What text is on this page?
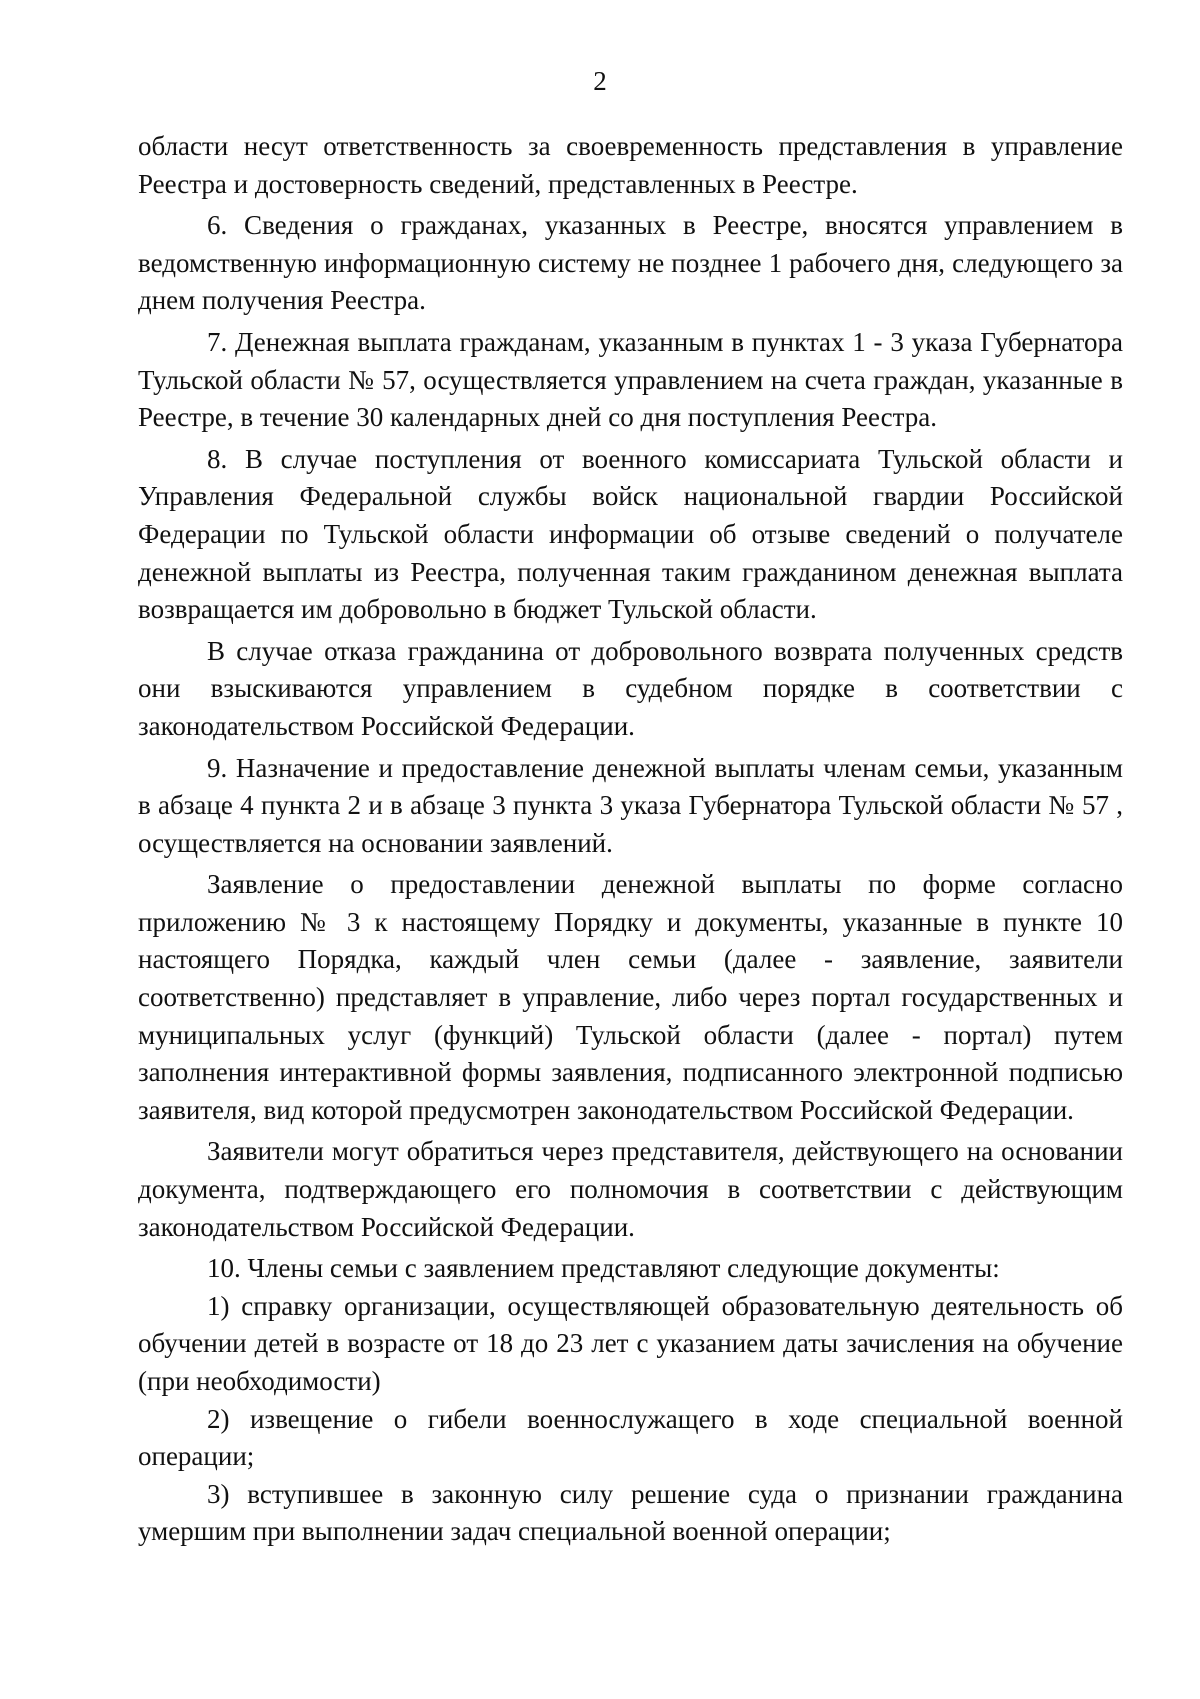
2

области несут ответственность за своевременность представления в управление Реестра и достоверность сведений, представленных в Реестре.

6. Сведения о гражданах, указанных в Реестре, вносятся управлением в ведомственную информационную систему не позднее 1 рабочего дня, следующего за днем получения Реестра.

7. Денежная выплата гражданам, указанным в пунктах 1 - 3 указа Губернатора Тульской области № 57, осуществляется управлением на счета граждан, указанные в Реестре, в течение 30 календарных дней со дня поступления Реестра.

8. В случае поступления от военного комиссариата Тульской области и Управления Федеральной службы войск национальной гвардии Российской Федерации по Тульской области информации об отзыве сведений о получателе денежной выплаты из Реестра, полученная таким гражданином денежная выплата возвращается им добровольно в бюджет Тульской области.

В случае отказа гражданина от добровольного возврата полученных средств они взыскиваются управлением в судебном порядке в соответствии с законодательством Российской Федерации.

9. Назначение и предоставление денежной выплаты членам семьи, указанным в абзаце 4 пункта 2 и в абзаце 3 пункта 3 указа Губернатора Тульской области № 57 , осуществляется на основании заявлений.

Заявление о предоставлении денежной выплаты по форме согласно приложению № 3 к настоящему Порядку и документы, указанные в пункте 10 настоящего Порядка, каждый член семьи (далее - заявление, заявители соответственно) представляет в управление, либо через портал государственных и муниципальных услуг (функций) Тульской области (далее - портал) путем заполнения интерактивной формы заявления, подписанного электронной подписью заявителя, вид которой предусмотрен законодательством Российской Федерации.

Заявители могут обратиться через представителя, действующего на основании документа, подтверждающего его полномочия в соответствии с действующим законодательством Российской Федерации.

10. Члены семьи с заявлением представляют следующие документы:

1) справку организации, осуществляющей образовательную деятельность об обучении детей в возрасте от 18 до 23 лет с указанием даты зачисления на обучение (при необходимости)

2) извещение о гибели военнослужащего в ходе специальной военной операции;

3) вступившее в законную силу решение суда о признании гражданина умершим при выполнении задач специальной военной операции;
